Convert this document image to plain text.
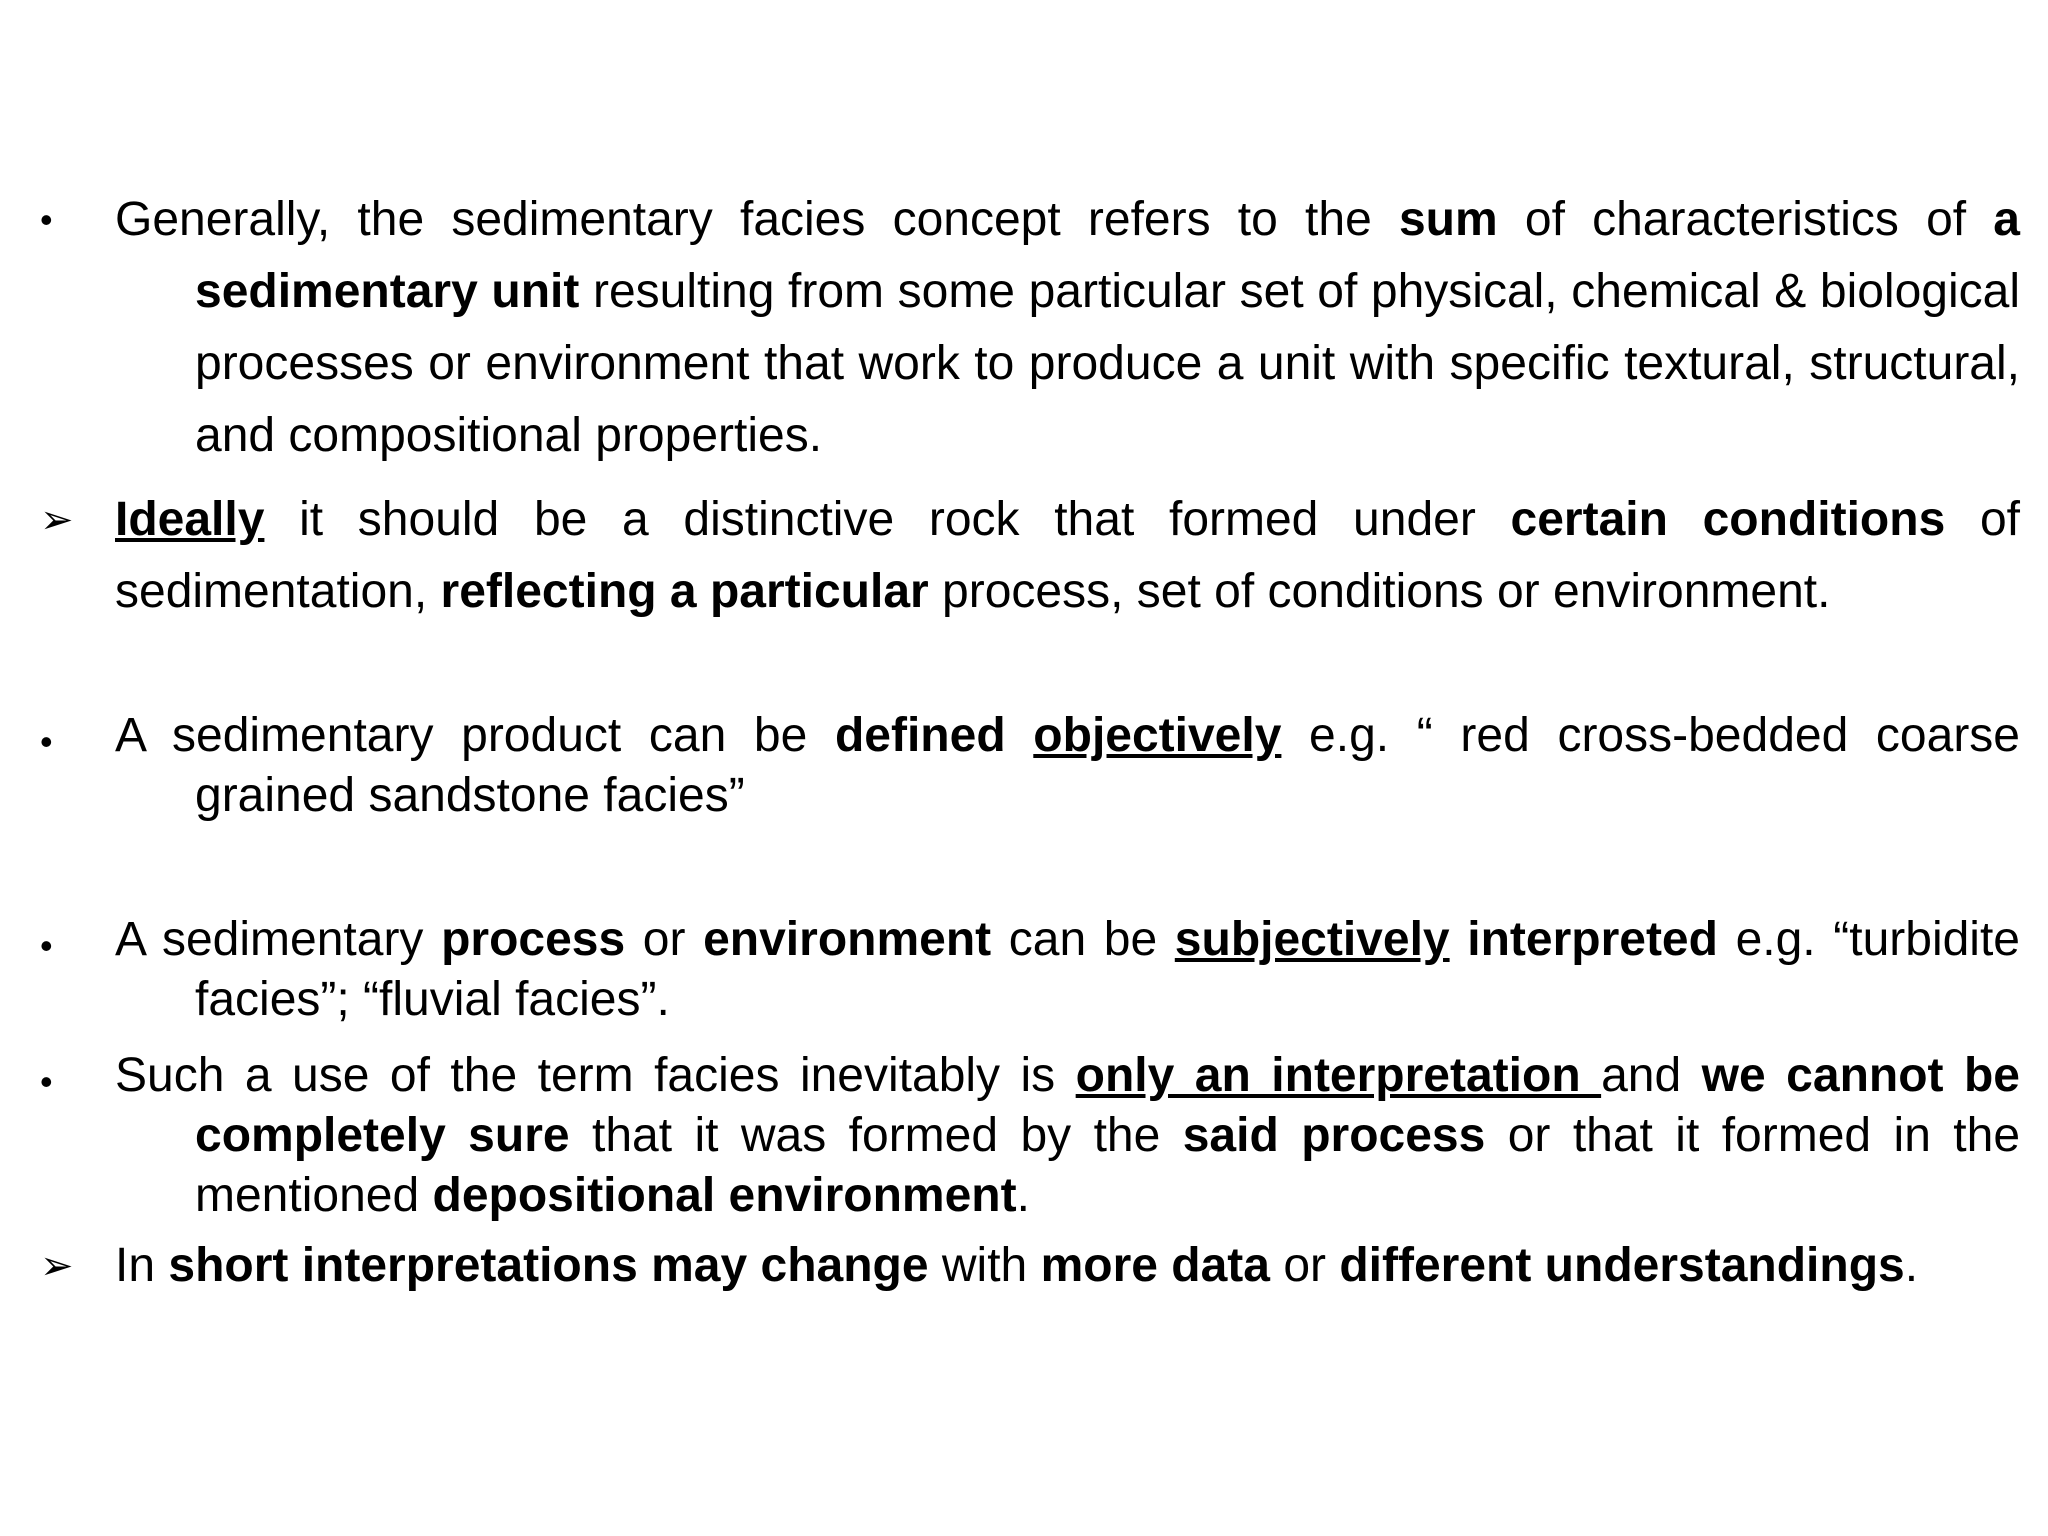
•	Generally, the sedimentary facies concept refers to the sum of characteristics of a sedimentary unit resulting from some particular set of physical, chemical & biological processes or environment that work to produce a unit with specific textural, structural, and compositional properties.

➢ Ideally it should be a distinctive rock that formed under certain conditions of sedimentation, reflecting a particular process, set of conditions or environment.

•	A sedimentary product can be defined objectively e.g. “ red cross-bedded coarse grained sandstone facies”

•	A sedimentary process or environment can be subjectively interpreted e.g. “turbidite facies”; “fluvial facies”.

•	Such a use of the term facies inevitably is only an interpretation and we cannot be completely sure that it was formed by the said process or that it formed in the mentioned depositional environment.

➢ In short interpretations may change with more data or different understandings.
